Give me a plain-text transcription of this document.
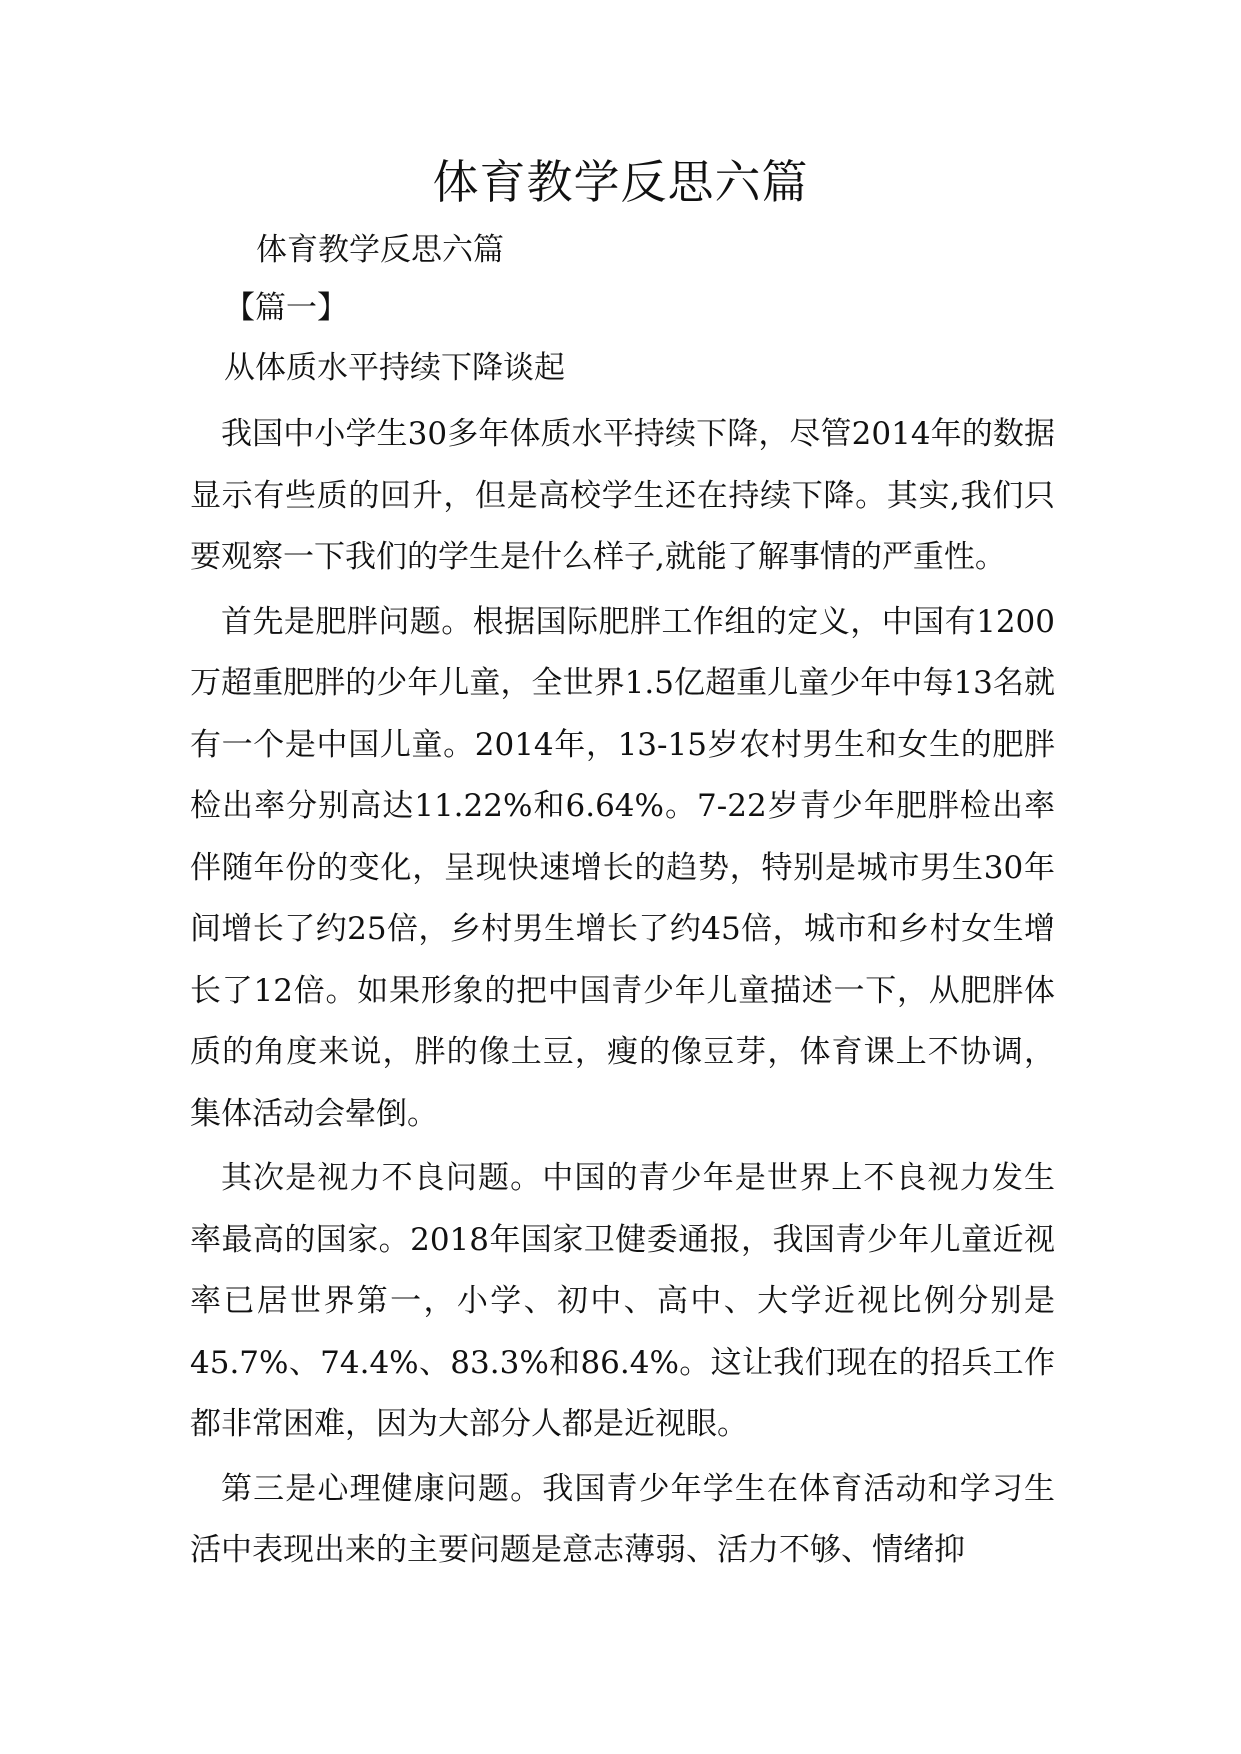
体育教学反思六篇
体育教学反思六篇
【篇一】
从体质水平持续下降谈起

我国中小学生30多年体质水平持续下降，尽管2014年的数据显示有些质的回升，但是高校学生还在持续下降。其实,我们只要观察一下我们的学生是什么样子,就能了解事情的严重性。

首先是肥胖问题。根据国际肥胖工作组的定义，中国有1200万超重肥胖的少年儿童，全世界1.5亿超重儿童少年中每13名就有一个是中国儿童。2014年，13-15岁农村男生和女生的肥胖检出率分别高达11.22%和6.64%。7-22岁青少年肥胖检出率伴随年份的变化，呈现快速增长的趋势，特别是城市男生30年间增长了约25倍，乡村男生增长了约45倍，城市和乡村女生增长了12倍。如果形象的把中国青少年儿童描述一下，从肥胖体质的角度来说，胖的像土豆，瘦的像豆芽，体育课上不协调，集体活动会晕倒。

其次是视力不良问题。中国的青少年是世界上不良视力发生率最高的国家。2018年国家卫健委通报，我国青少年儿童近视率已居世界第一，小学、初中、高中、大学近视比例分别是45.7%、74.4%、83.3%和86.4%。这让我们现在的招兵工作都非常困难，因为大部分人都是近视眼。

第三是心理健康问题。我国青少年学生在体育活动和学习生活中表现出来的主要问题是意志薄弱、活力不够、情绪抑
